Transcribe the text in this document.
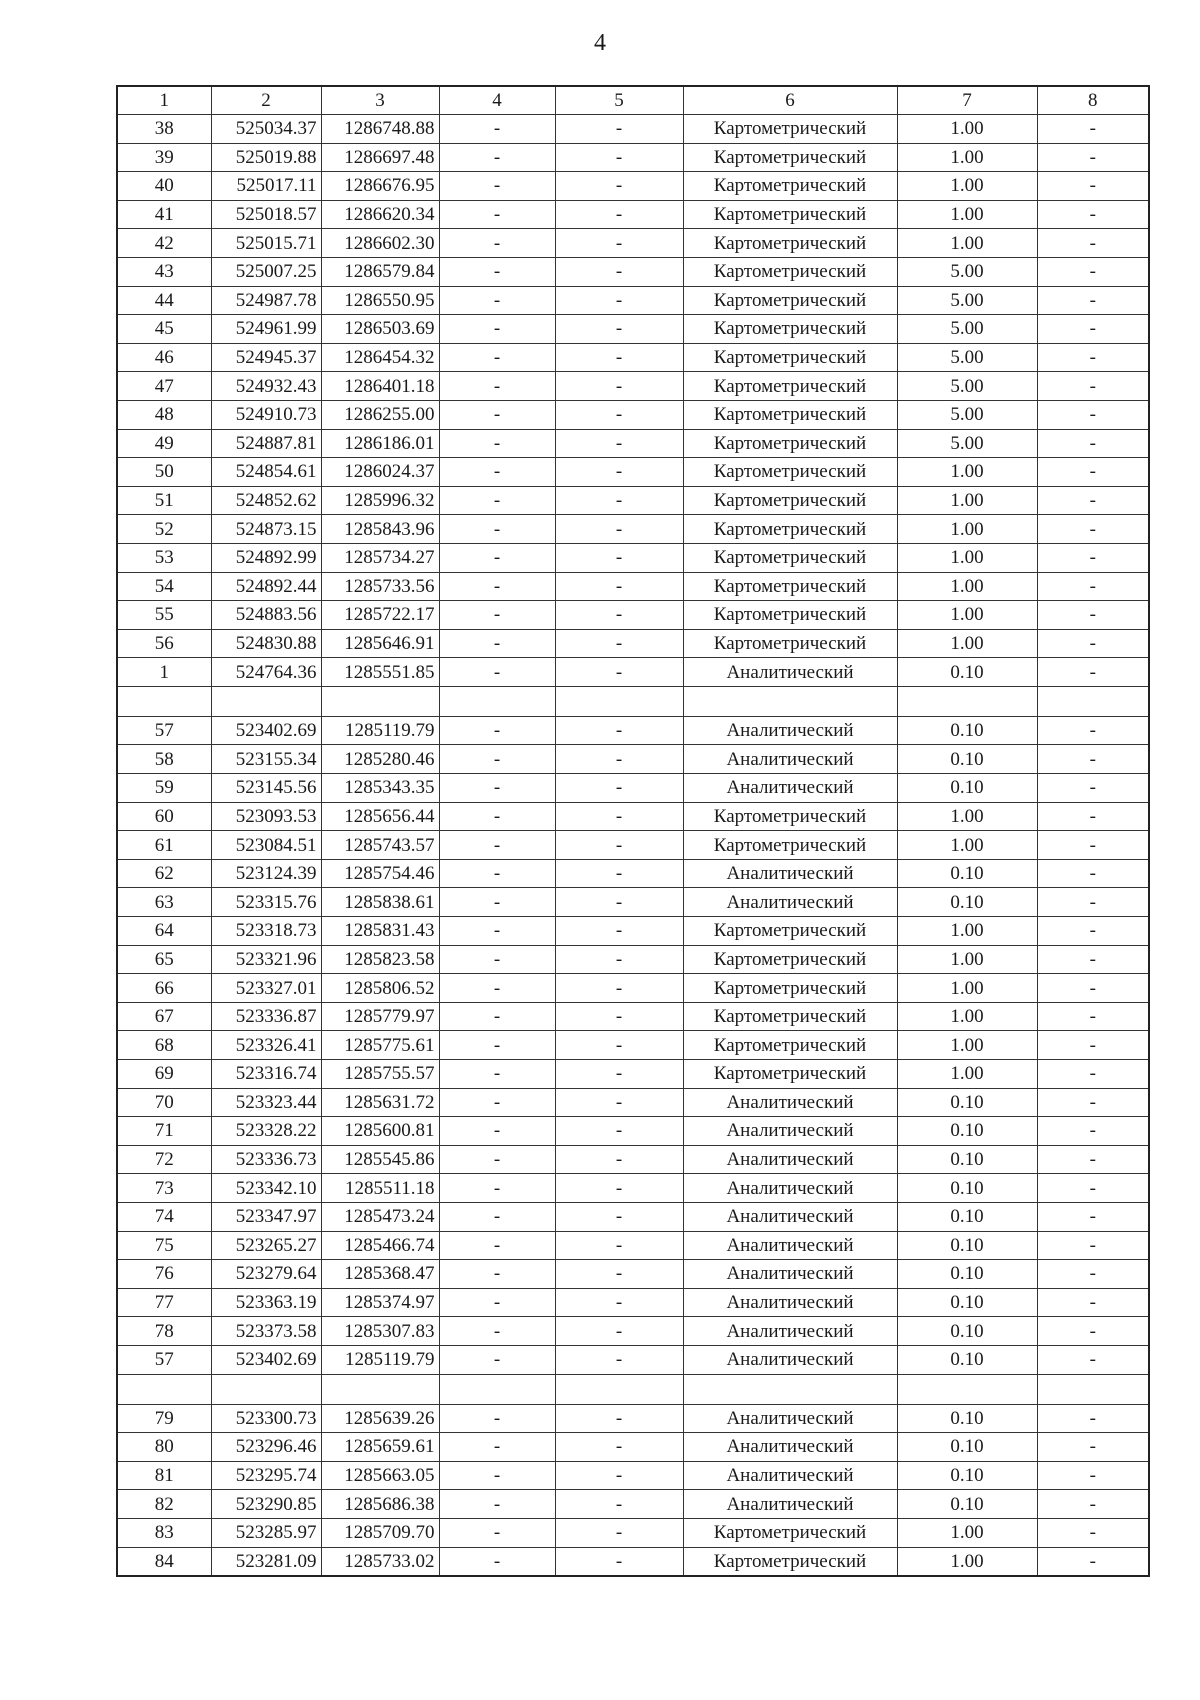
4
1	2	3	4	5	6	7	8
38	525034.37	1286748.88	-	-	Картометрический	1.00	-
39	525019.88	1286697.48	-	-	Картометрический	1.00	-
40	525017.11	1286676.95	-	-	Картометрический	1.00	-
41	525018.57	1286620.34	-	-	Картометрический	1.00	-
42	525015.71	1286602.30	-	-	Картометрический	1.00	-
43	525007.25	1286579.84	-	-	Картометрический	5.00	-
44	524987.78	1286550.95	-	-	Картометрический	5.00	-
45	524961.99	1286503.69	-	-	Картометрический	5.00	-
46	524945.37	1286454.32	-	-	Картометрический	5.00	-
47	524932.43	1286401.18	-	-	Картометрический	5.00	-
48	524910.73	1286255.00	-	-	Картометрический	5.00	-
49	524887.81	1286186.01	-	-	Картометрический	5.00	-
50	524854.61	1286024.37	-	-	Картометрический	1.00	-
51	524852.62	1285996.32	-	-	Картометрический	1.00	-
52	524873.15	1285843.96	-	-	Картометрический	1.00	-
53	524892.99	1285734.27	-	-	Картометрический	1.00	-
54	524892.44	1285733.56	-	-	Картометрический	1.00	-
55	524883.56	1285722.17	-	-	Картометрический	1.00	-
56	524830.88	1285646.91	-	-	Картометрический	1.00	-
1	524764.36	1285551.85	-	-	Аналитический	0.10	-

57	523402.69	1285119.79	-	-	Аналитический	0.10	-
58	523155.34	1285280.46	-	-	Аналитический	0.10	-
59	523145.56	1285343.35	-	-	Аналитический	0.10	-
60	523093.53	1285656.44	-	-	Картометрический	1.00	-
61	523084.51	1285743.57	-	-	Картометрический	1.00	-
62	523124.39	1285754.46	-	-	Аналитический	0.10	-
63	523315.76	1285838.61	-	-	Аналитический	0.10	-
64	523318.73	1285831.43	-	-	Картометрический	1.00	-
65	523321.96	1285823.58	-	-	Картометрический	1.00	-
66	523327.01	1285806.52	-	-	Картометрический	1.00	-
67	523336.87	1285779.97	-	-	Картометрический	1.00	-
68	523326.41	1285775.61	-	-	Картометрический	1.00	-
69	523316.74	1285755.57	-	-	Картометрический	1.00	-
70	523323.44	1285631.72	-	-	Аналитический	0.10	-
71	523328.22	1285600.81	-	-	Аналитический	0.10	-
72	523336.73	1285545.86	-	-	Аналитический	0.10	-
73	523342.10	1285511.18	-	-	Аналитический	0.10	-
74	523347.97	1285473.24	-	-	Аналитический	0.10	-
75	523265.27	1285466.74	-	-	Аналитический	0.10	-
76	523279.64	1285368.47	-	-	Аналитический	0.10	-
77	523363.19	1285374.97	-	-	Аналитический	0.10	-
78	523373.58	1285307.83	-	-	Аналитический	0.10	-
57	523402.69	1285119.79	-	-	Аналитический	0.10	-

79	523300.73	1285639.26	-	-	Аналитический	0.10	-
80	523296.46	1285659.61	-	-	Аналитический	0.10	-
81	523295.74	1285663.05	-	-	Аналитический	0.10	-
82	523290.85	1285686.38	-	-	Аналитический	0.10	-
83	523285.97	1285709.70	-	-	Картометрический	1.00	-
84	523281.09	1285733.02	-	-	Картометрический	1.00	-
